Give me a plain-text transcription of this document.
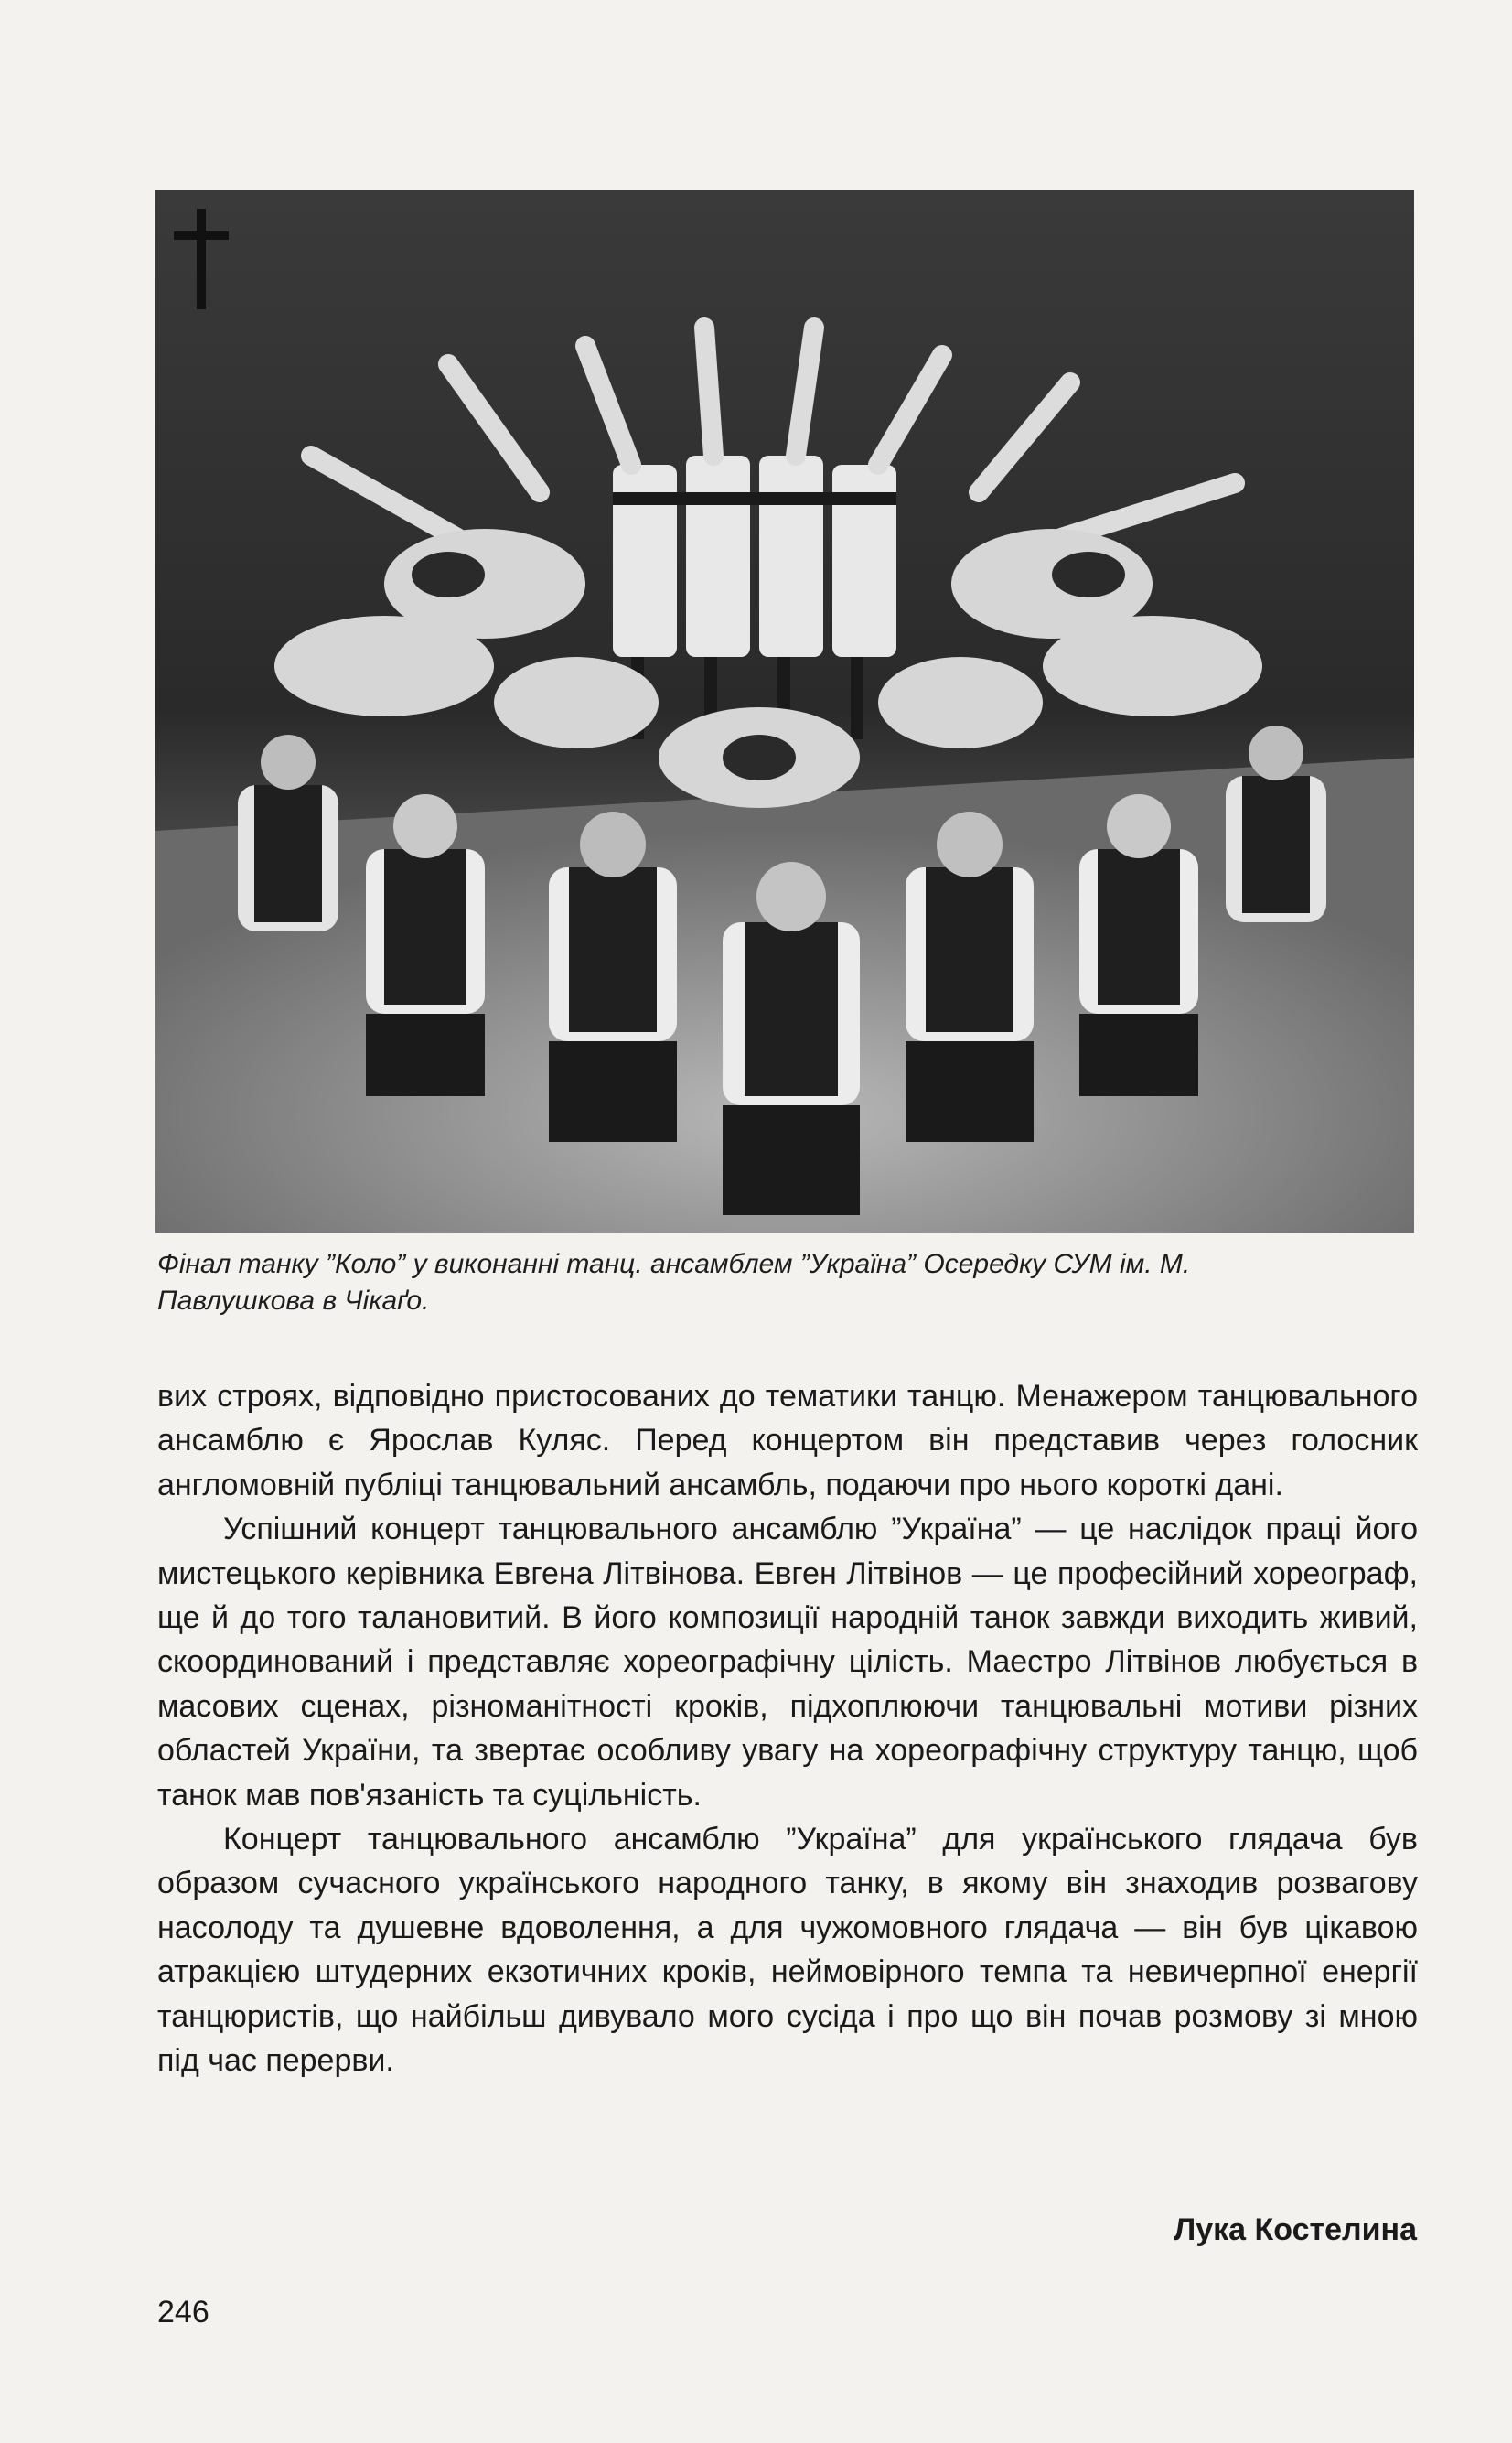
Фінал танку ”Коло” у виконанні танц. ансамблем ”Україна” Осередку СУМ ім. М.
Павлушкова в Чікаґо.

вих строях, відповідно пристосованих до тематики танцю. Менажером танцювального ансамблю є Ярослав Куляс. Перед концертом він представив через голосник англомовній публіці танцювальний ансамбль, подаючи про нього короткі дані.

Успішний концерт танцювального ансамблю ”Україна” — це наслідок праці його мистецького керівника Евгена Літвінова. Евген Літвінов — це професійний хореограф, ще й до того талановитий. В його композиції народній танок завжди виходить живий, скоординований і представляє хореографічну цілість. Маестро Літвінов любується в масових сценах, різноманітності кроків, підхоплюючи танцювальні мотиви різних областей України, та звертає особливу увагу на хореографічну структуру танцю, щоб танок мав пов'язаність та суцільність.

Концерт танцювального ансамблю ”Україна” для українського глядача був образом сучасного українського народного танку, в якому він знаходив розвагову насолоду та душевне вдоволення, а для чужомовного глядача — він був цікавою атракцією штудерних екзотичних кроків, неймовірного темпа та невичерпної енергії танцюристів, що найбільш дивувало мого сусіда і про що він почав розмову зі мною під час перерви.

Лука Костелина
246
